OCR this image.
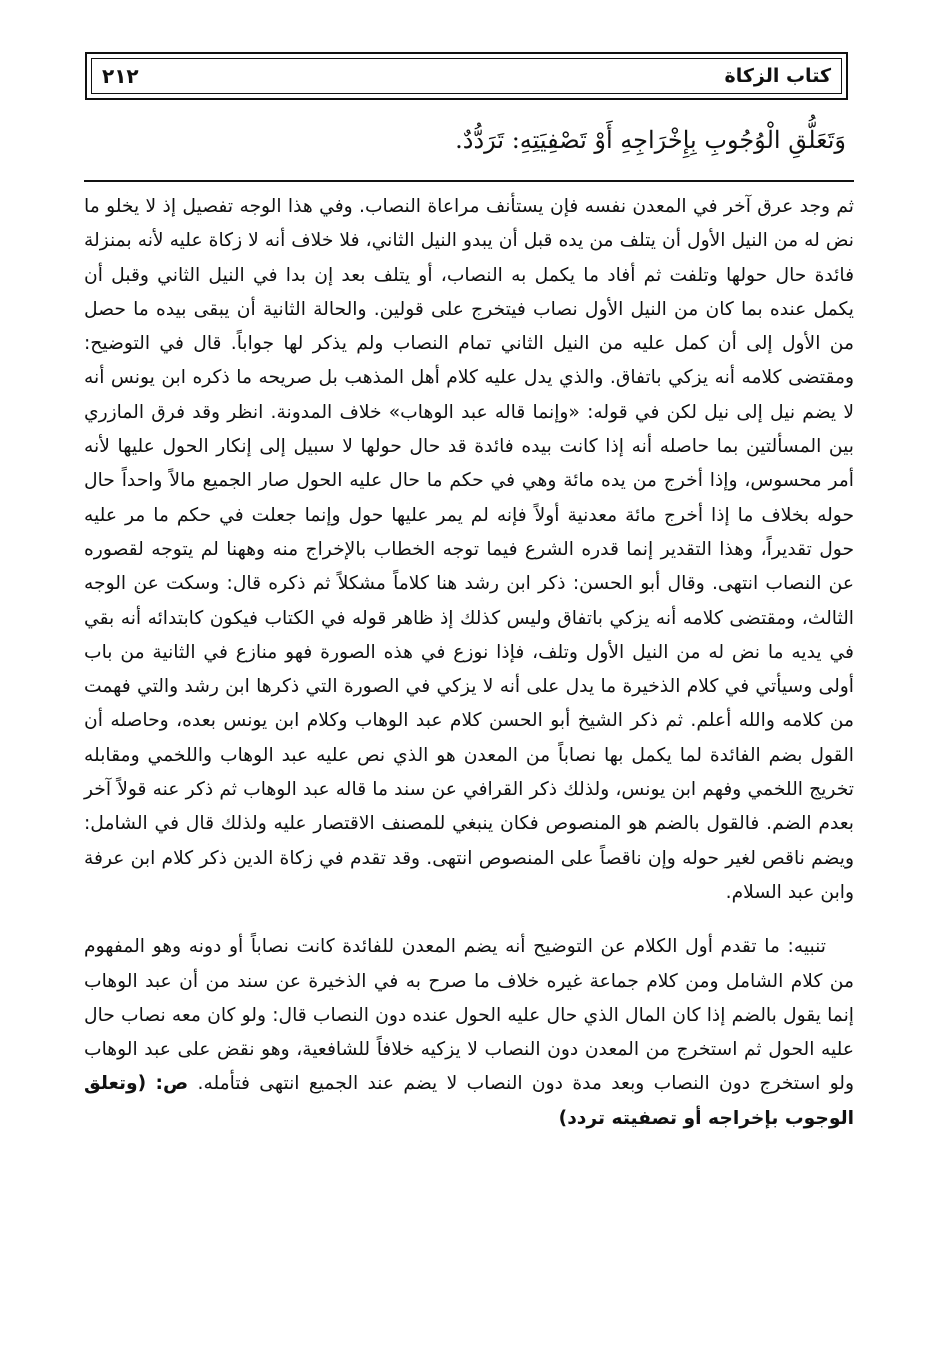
٢١٢	كتاب الزكاة
وَتَعَلُّقِ الْوُجُوبِ بِإِخْرَاجِهِ أَوْ تَصْفِيَتِهِ: تَرَدُّدٌ.

ثم وجد عرق آخر في المعدن نفسه فإن يستأنف مراعاة النصاب. وفي هذا الوجه تفصيل إذ لا يخلو ما نض له من النيل الأول أن يتلف من يده قبل أن يبدو النيل الثاني، فلا خلاف أنه لا زكاة عليه لأنه بمنزلة فائدة حال حولها وتلفت ثم أفاد ما يكمل به النصاب، أو يتلف بعد إن بدا في النيل الثاني وقبل أن يكمل عنده بما كان من النيل الأول نصاب فيتخرج على قولين. والحالة الثانية أن يبقى بيده ما حصل من الأول إلى أن كمل عليه من النيل الثاني تمام النصاب ولم يذكر لها جواباً. قال في التوضيح: ومقتضى كلامه أنه يزكي باتفاق. والذي يدل عليه كلام أهل المذهب بل صريحه ما ذكره ابن يونس أنه لا يضم نيل إلى نيل لكن في قوله: «وإنما قاله عبد الوهاب» خلاف المدونة. انظر وقد فرق المازري بين المسألتين بما حاصله أنه إذا كانت بيده فائدة قد حال حولها لا سبيل إلى إنكار الحول عليها لأنه أمر محسوس، وإذا أخرج من يده مائة وهي في حكم ما حال عليه الحول صار الجميع مالاً واحداً حال حوله بخلاف ما إذا أخرج مائة معدنية أولاً فإنه لم يمر عليها حول وإنما جعلت في حكم ما مر عليه حول تقديراً، وهذا التقدير إنما قدره الشرع فيما توجه الخطاب بالإخراج منه وههنا لم يتوجه لقصوره عن النصاب انتهى. وقال أبو الحسن: ذكر ابن رشد هنا كلاماً مشكلاً ثم ذكره قال: وسكت عن الوجه الثالث، ومقتضى كلامه أنه يزكي باتفاق وليس كذلك إذ ظاهر قوله في الكتاب فيكون كابتدائه أنه بقي في يديه ما نض له من النيل الأول وتلف، فإذا نوزع في هذه الصورة فهو منازع في الثانية من باب أولى وسيأتي في كلام الذخيرة ما يدل على أنه لا يزكي في الصورة التي ذكرها ابن رشد والتي فهمت من كلامه والله أعلم. ثم ذكر الشيخ أبو الحسن كلام عبد الوهاب وكلام ابن يونس بعده، وحاصله أن القول بضم الفائدة لما يكمل بها نصاباً من المعدن هو الذي نص عليه عبد الوهاب واللخمي ومقابله تخريج اللخمي وفهم ابن يونس، ولذلك ذكر القرافي عن سند ما قاله عبد الوهاب ثم ذكر عنه قولاً آخر بعدم الضم. فالقول بالضم هو المنصوص فكان ينبغي للمصنف الاقتصار عليه ولذلك قال في الشامل: ويضم ناقص لغير حوله وإن ناقصاً على المنصوص انتهى. وقد تقدم في زكاة الدين ذكر كلام ابن عرفة وابن عبد السلام.

تنبيه: ما تقدم أول الكلام عن التوضيح أنه يضم المعدن للفائدة كانت نصاباً أو دونه وهو المفهوم من كلام الشامل ومن كلام جماعة غيره خلاف ما صرح به في الذخيرة عن سند من أن عبد الوهاب إنما يقول بالضم إذا كان المال الذي حال عليه الحول عنده دون النصاب قال: ولو كان معه نصاب حال عليه الحول ثم استخرج من المعدن دون النصاب لا يزكيه خلافاً للشافعية، وهو نقض على عبد الوهاب ولو استخرج دون النصاب وبعد مدة دون النصاب لا يضم عند الجميع انتهى فتأمله. ص: (وتعلق الوجوب بإخراجه أو تصفيته تردد)
